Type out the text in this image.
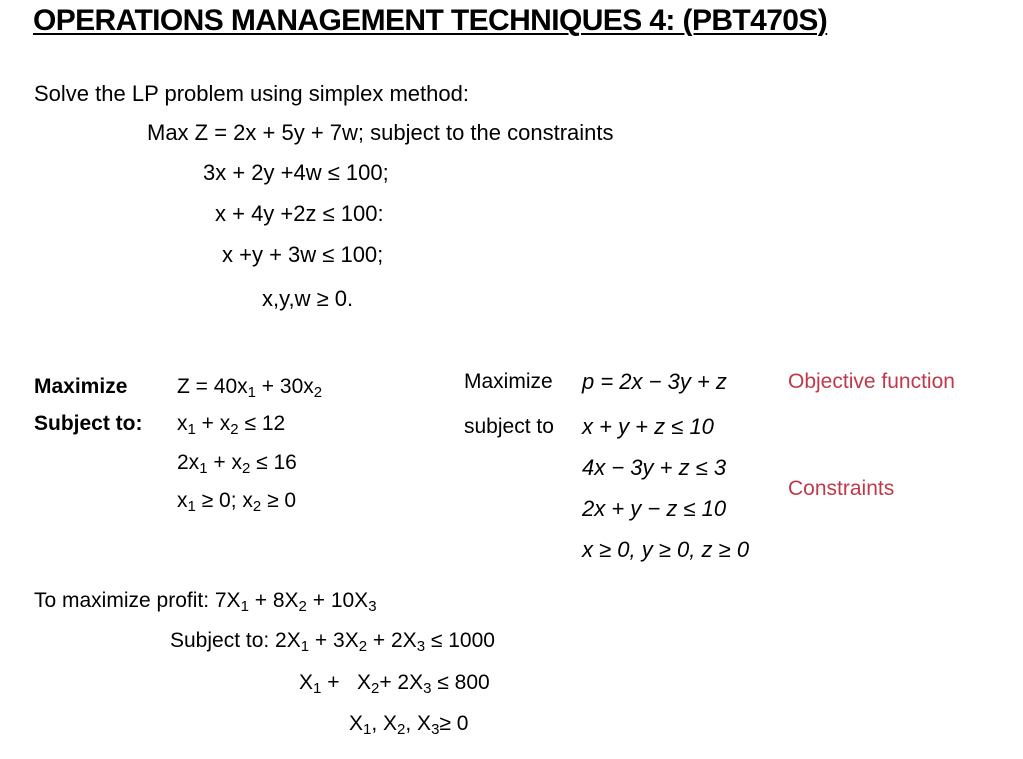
OPERATIONS MANAGEMENT TECHNIQUES 4: (PBT470S)
Solve the LP problem using simplex method:
Max Z = 2x + 5y + 7w; subject to the constraints
3x + 2y +4w ≤ 100;
x + 4y +2z ≤ 100:
x +y + 3w ≤ 100;
x,y,w ≥ 0.
Maximize $Z = 40x_1 + 30x_2$
Subject to: $x_1 + x_2 \le 12$
$2x_1 + x_2 \le 16$
$x_1 \ge 0$; $x_2 \ge 0$
Maximize p = 2x − 3y + z	Objective function
subject to x + y + z ≤ 10
4x − 3y + z ≤ 3
Constraints
2x + y − z ≤ 10
x ≥ 0, y ≥ 0, z ≥ 0
To maximize profit: $7X_1 + 8X_2 + 10X_3$
Subject to: $2X_1 + 3X_2 + 2X_3 \le 1000$
$X_1 + X_2+ 2X_3 \le 800$
$X_1$, $X_2$, $X_3\ge 0$
